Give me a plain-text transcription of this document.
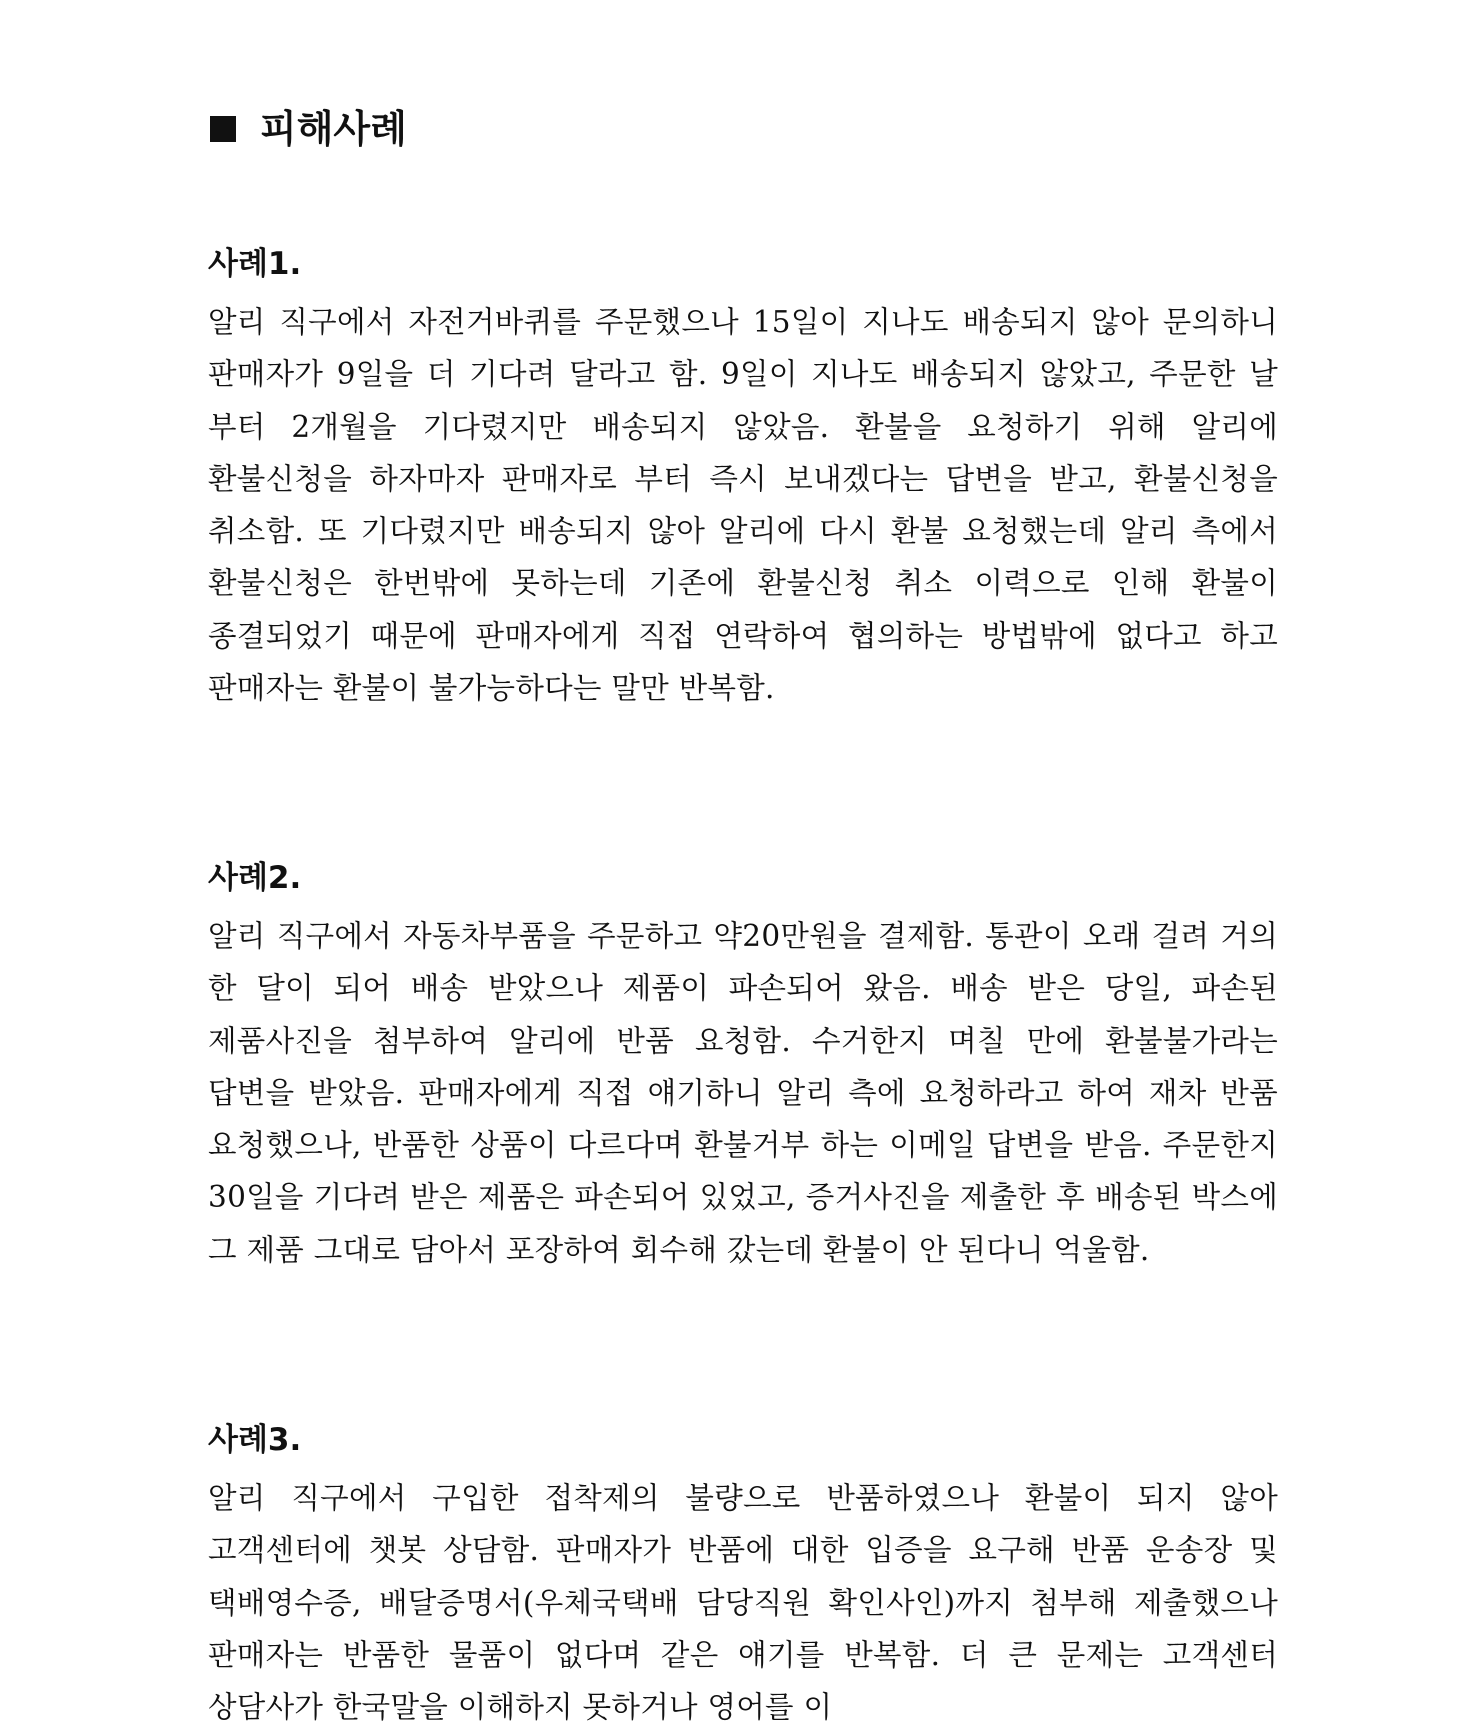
피해사례
사례1.

알리 직구에서 자전거바퀴를 주문했으나 15일이 지나도 배송되지 않아 문의하니 판매자가 9일을 더 기다려 달라고 함. 9일이 지나도 배송되지 않았고, 주문한 날 부터 2개월을 기다렸지만 배송되지 않았음. 환불을 요청하기 위해 알리에 환불신청을 하자마자 판매자로 부터 즉시 보내겠다는 답변을 받고, 환불신청을 취소함. 또 기다렸지만 배송되지 않아 알리에 다시 환불 요청했는데 알리 측에서 환불신청은 한번밖에 못하는데 기존에 환불신청 취소 이력으로 인해 환불이 종결되었기 때문에 판매자에게 직접 연락하여 협의하는 방법밖에 없다고 하고 판매자는 환불이 불가능하다는 말만 반복함.

사례2.

알리 직구에서 자동차부품을 주문하고 약20만원을 결제함. 통관이 오래 걸려 거의 한 달이 되어 배송 받았으나 제품이 파손되어 왔음. 배송 받은 당일, 파손된 제품사진을 첨부하여 알리에 반품 요청함. 수거한지 며칠 만에 환불불가라는 답변을 받았음. 판매자에게 직접 얘기하니 알리 측에 요청하라고 하여 재차 반품 요청했으나, 반품한 상품이 다르다며 환불거부 하는 이메일 답변을 받음. 주문한지 30일을 기다려 받은 제품은 파손되어 있었고, 증거사진을 제출한 후 배송된 박스에 그 제품 그대로 담아서 포장하여 회수해 갔는데 환불이 안 된다니 억울함.

사례3.

알리 직구에서 구입한 접착제의 불량으로 반품하였으나 환불이 되지 않아 고객센터에 챗봇 상담함. 판매자가 반품에 대한 입증을 요구해 반품 운송장 및 택배영수증, 배달증명서(우체국택배 담당직원 확인사인)까지 첨부해 제출했으나 판매자는 반품한 물품이 없다며 같은 얘기를 반복함. 더 큰 문제는 고객센터 상담사가 한국말을 이해하지 못하거나 영어를 이
